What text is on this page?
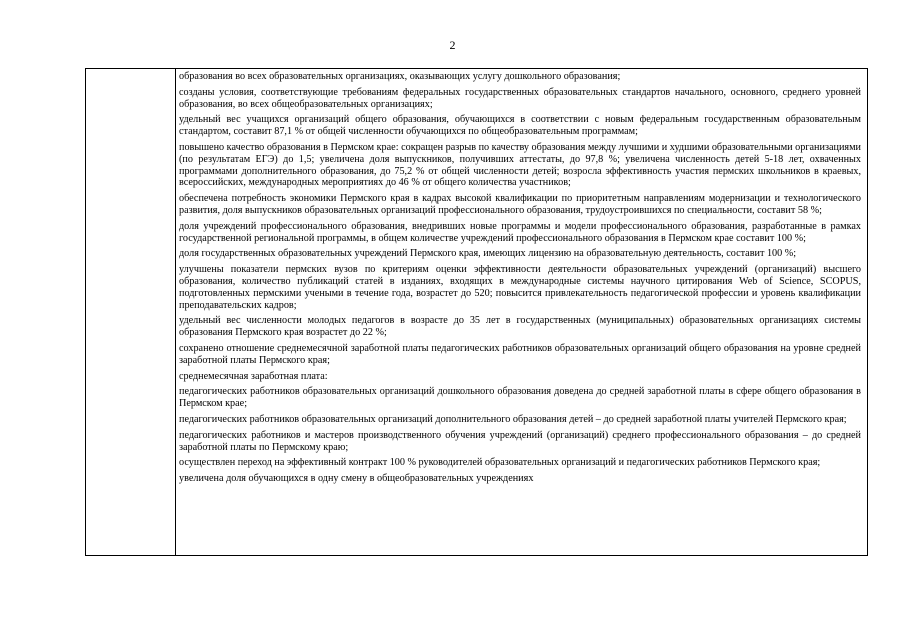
2

образования во всех образовательных организациях, оказывающих услугу дошкольного образования;

созданы условия, соответствующие требованиям федеральных государственных образовательных стандартов начального, основного, среднего уровней образования, во всех общеобразовательных организациях;

удельный вес учащихся организаций общего образования, обучающихся в соответствии с новым федеральным государственным образовательным стандартом, составит 87,1 % от общей численности обучающихся по общеобразовательным программам;

повышено качество образования в Пермском крае: сокращен разрыв по качеству образования между лучшими и худшими образовательными организациями (по результатам ЕГЭ) до 1,5; увеличена доля выпускников, получивших аттестаты, до 97,8 %; увеличена численность детей 5-18 лет, охваченных программами дополнительного образования, до 75,2 % от общей численности детей; возросла эффективность участия пермских школьников в краевых, всероссийских, международных мероприятиях до 46 % от общего количества участников;

обеспечена потребность экономики Пермского края в кадрах высокой квалификации по приоритетным направлениям модернизации и технологического развития, доля выпускников образовательных организаций профессионального образования, трудоустроившихся по специальности, составит 58 %;

доля учреждений профессионального образования, внедривших новые программы и модели профессионального образования, разработанные в рамках государственной региональной программы, в общем количестве учреждений профессионального образования в Пермском крае составит 100 %;

доля государственных образовательных учреждений Пермского края, имеющих лицензию на образовательную деятельность, составит 100 %;

улучшены показатели пермских вузов по критериям оценки эффективности деятельности образовательных учреждений (организаций) высшего образования, количество публикаций статей в изданиях, входящих в международные системы научного цитирования Web of Science, SCOPUS, подготовленных пермскими учеными в течение года, возрастет до 520; повысится привлекательность педагогической профессии и уровень квалификации преподавательских кадров;

удельный вес численности молодых педагогов в возрасте до 35 лет в государственных (муниципальных) образовательных организациях системы образования Пермского края возрастет до 22 %;

сохранено отношение среднемесячной заработной платы педагогических работников образовательных организаций общего образования на уровне средней заработной платы Пермского края;

среднемесячная заработная плата:

педагогических работников образовательных организаций дошкольного образования доведена до средней заработной платы в сфере общего образования в Пермском крае;

педагогических работников образовательных организаций дополнительного образования детей – до средней заработной платы учителей Пермского края;

педагогических работников и мастеров производственного обучения учреждений (организаций) среднего профессионального образования – до средней заработной платы по Пермскому краю;

осуществлен переход на эффективный контракт 100 % руководителей образовательных организаций и педагогических работников Пермского края;

увеличена доля обучающихся в одну смену в общеобразовательных учреждениях
